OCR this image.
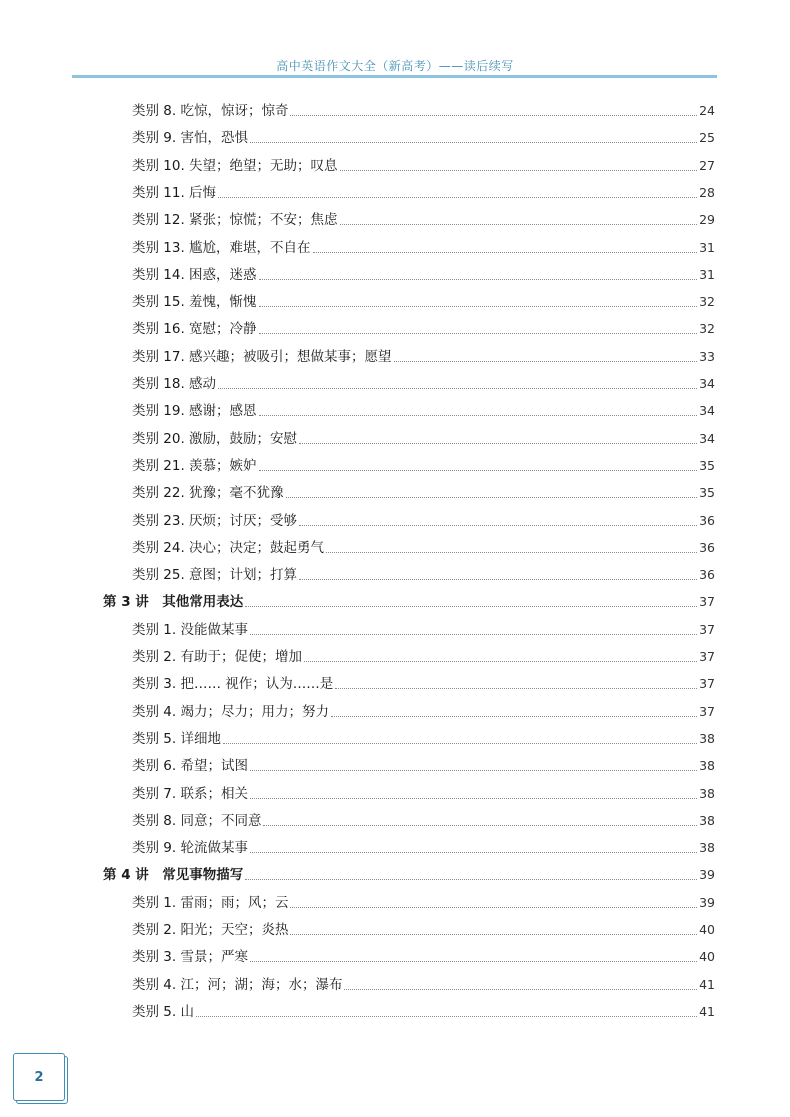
高中英语作文大全（新高考）——读后续写
类别 8. 吃惊，惊讶；惊奇	24
类别 9. 害怕，恐惧	25
类别 10. 失望；绝望；无助；叹息	27
类别 11. 后悔	28
类别 12. 紧张；惊慌；不安；焦虑	29
类别 13. 尴尬，难堪，不自在	31
类别 14. 困惑，迷惑	31
类别 15. 羞愧，惭愧	32
类别 16. 宽慰；冷静	32
类别 17. 感兴趣；被吸引；想做某事；愿望	33
类别 18. 感动	34
类别 19. 感谢；感恩	34
类别 20. 激励，鼓励；安慰	34
类别 21. 羡慕；嫉妒	35
类别 22. 犹豫；毫不犹豫	35
类别 23. 厌烦；讨厌；受够	36
类别 24. 决心；决定；鼓起勇气	36
类别 25. 意图；计划；打算	36
第 3 讲　其他常用表达	37
类别 1. 没能做某事	37
类别 2. 有助于；促使；增加	37
类别 3. 把…… 视作；认为……是	37
类别 4. 竭力；尽力；用力；努力	37
类别 5. 详细地	38
类别 6. 希望；试图	38
类别 7. 联系；相关	38
类别 8. 同意；不同意	38
类别 9. 轮流做某事	38
第 4 讲　常见事物描写	39
类别 1. 雷雨；雨；风；云	39
类别 2. 阳光；天空；炎热	40
类别 3. 雪景；严寒	40
类别 4. 江；河；湖；海；水；瀑布	41
类别 5. 山	41
2
